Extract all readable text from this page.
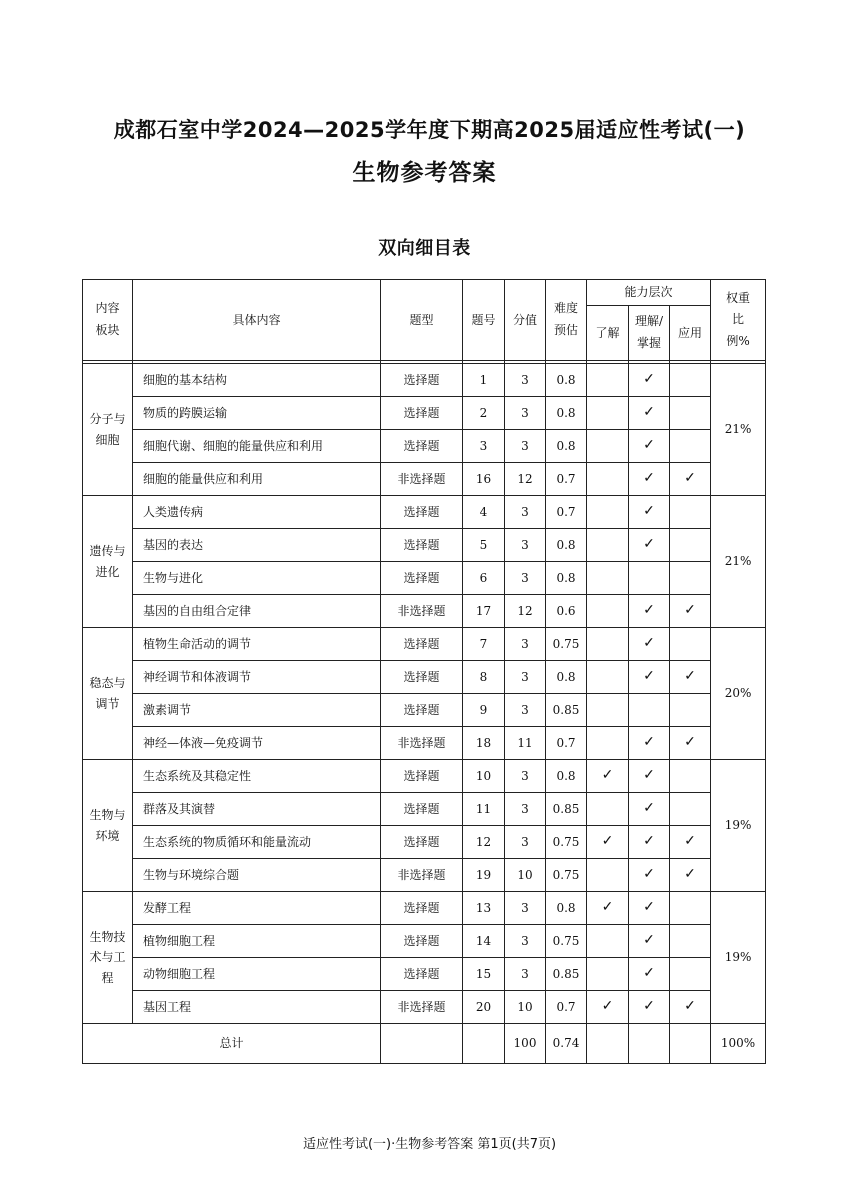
成都石室中学2024—2025学年度下期高2025届适应性考试(一)
生物参考答案
双向细目表
内容板块	具体内容	题型	题号	分值	难度预估	能力层次			权重比例%

						了解	理解/掌握	应用	

分子与细胞	细胞的基本结构	选择题	1	3	0.8		✓		21%
	物质的跨膜运输	选择题	2	3	0.8		✓		
	细胞代谢、细胞的能量供应和利用	选择题	3	3	0.8		✓		
	细胞的能量供应和利用	非选择题	16	12	0.7		✓	✓	

遗传与进化	人类遗传病	选择题	4	3	0.7		✓		21%
	基因的表达	选择题	5	3	0.8		✓		
	生物与进化	选择题	6	3	0.8				
	基因的自由组合定律	非选择题	17	12	0.6		✓	✓	

稳态与调节	植物生命活动的调节	选择题	7	3	0.75		✓		20%
	神经调节和体液调节	选择题	8	3	0.8		✓	✓	
	激素调节	选择题	9	3	0.85				
	神经—体液—免疫调节	非选择题	18	11	0.7		✓	✓	

生物与环境	生态系统及其稳定性	选择题	10	3	0.8	✓	✓		19%
	群落及其演替	选择题	11	3	0.85		✓		
	生态系统的物质循环和能量流动	选择题	12	3	0.75	✓	✓	✓	
	生物与环境综合题	非选择题	19	10	0.75		✓	✓	

生物技术与工程	发酵工程	选择题	13	3	0.8	✓	✓		19%
	植物细胞工程	选择题	14	3	0.75		✓		
	动物细胞工程	选择题	15	3	0.85		✓		
	基因工程	非选择题	20	10	0.7	✓	✓	✓	
总计				100	0.74				100%
适应性考试(一)·生物参考答案 第1页(共7页)
